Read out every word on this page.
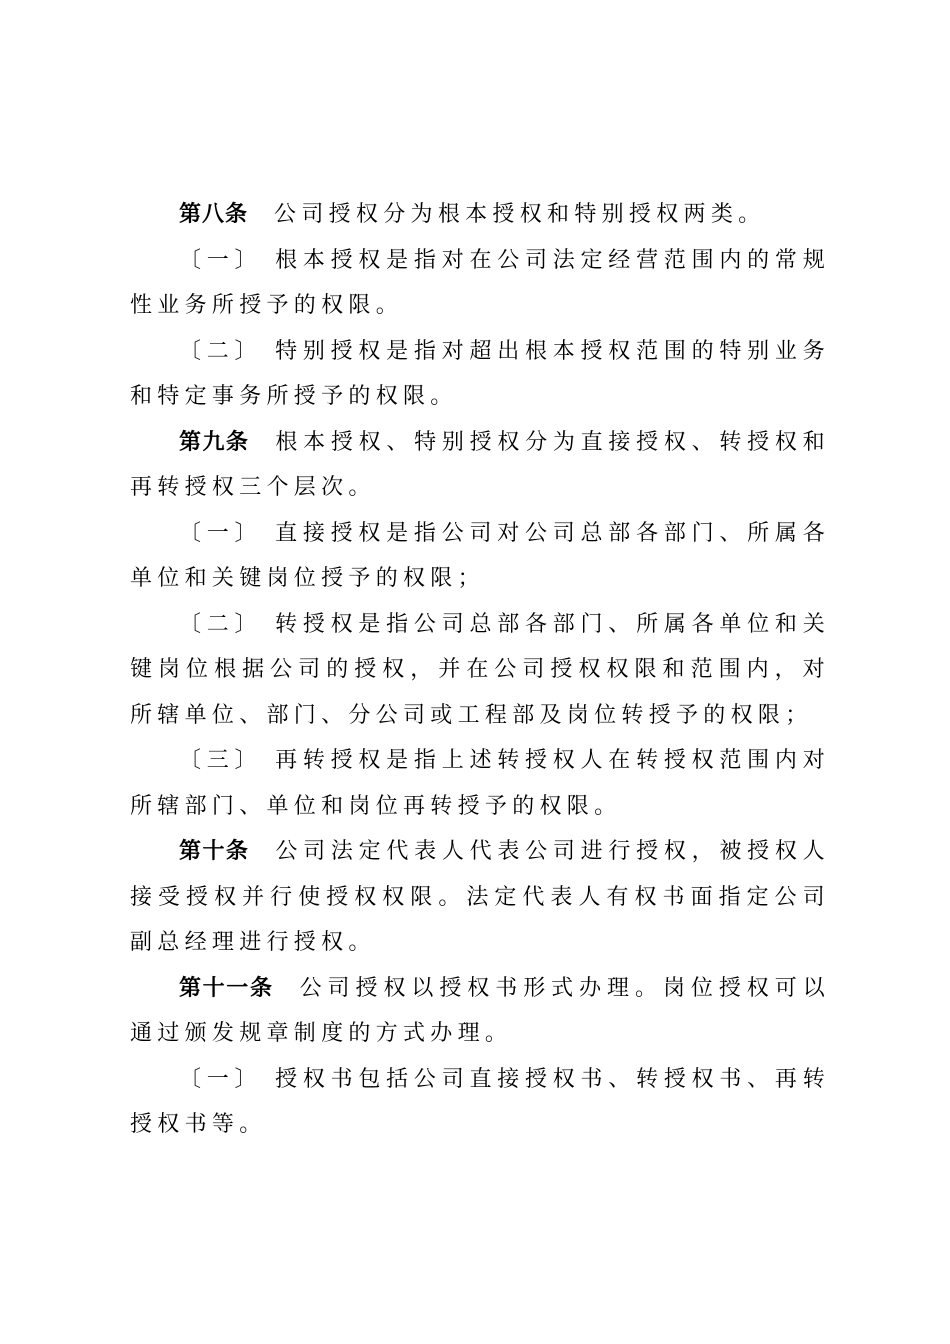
第八条 公司授权分为根本授权和特别授权两类。

〔一〕 根本授权是指对在公司法定经营范围内的常规性业务所授予的权限。

〔二〕 特别授权是指对超出根本授权范围的特别业务和特定事务所授予的权限。

第九条 根本授权、特别授权分为直接授权、转授权和再转授权三个层次。

〔一〕 直接授权是指公司对公司总部各部门、所属各单位和关键岗位授予的权限；

〔二〕 转授权是指公司总部各部门、所属各单位和关键岗位根据公司的授权，并在公司授权权限和范围内，对所辖单位、部门、分公司或工程部及岗位转授予的权限；

〔三〕 再转授权是指上述转授权人在转授权范围内对所辖部门、单位和岗位再转授予的权限。

第十条 公司法定代表人代表公司进行授权，被授权人接受授权并行使授权权限。法定代表人有权书面指定公司副总经理进行授权。

第十一条 公司授权以授权书形式办理。岗位授权可以通过颁发规章制度的方式办理。

〔一〕 授权书包括公司直接授权书、转授权书、再转授权书等。
